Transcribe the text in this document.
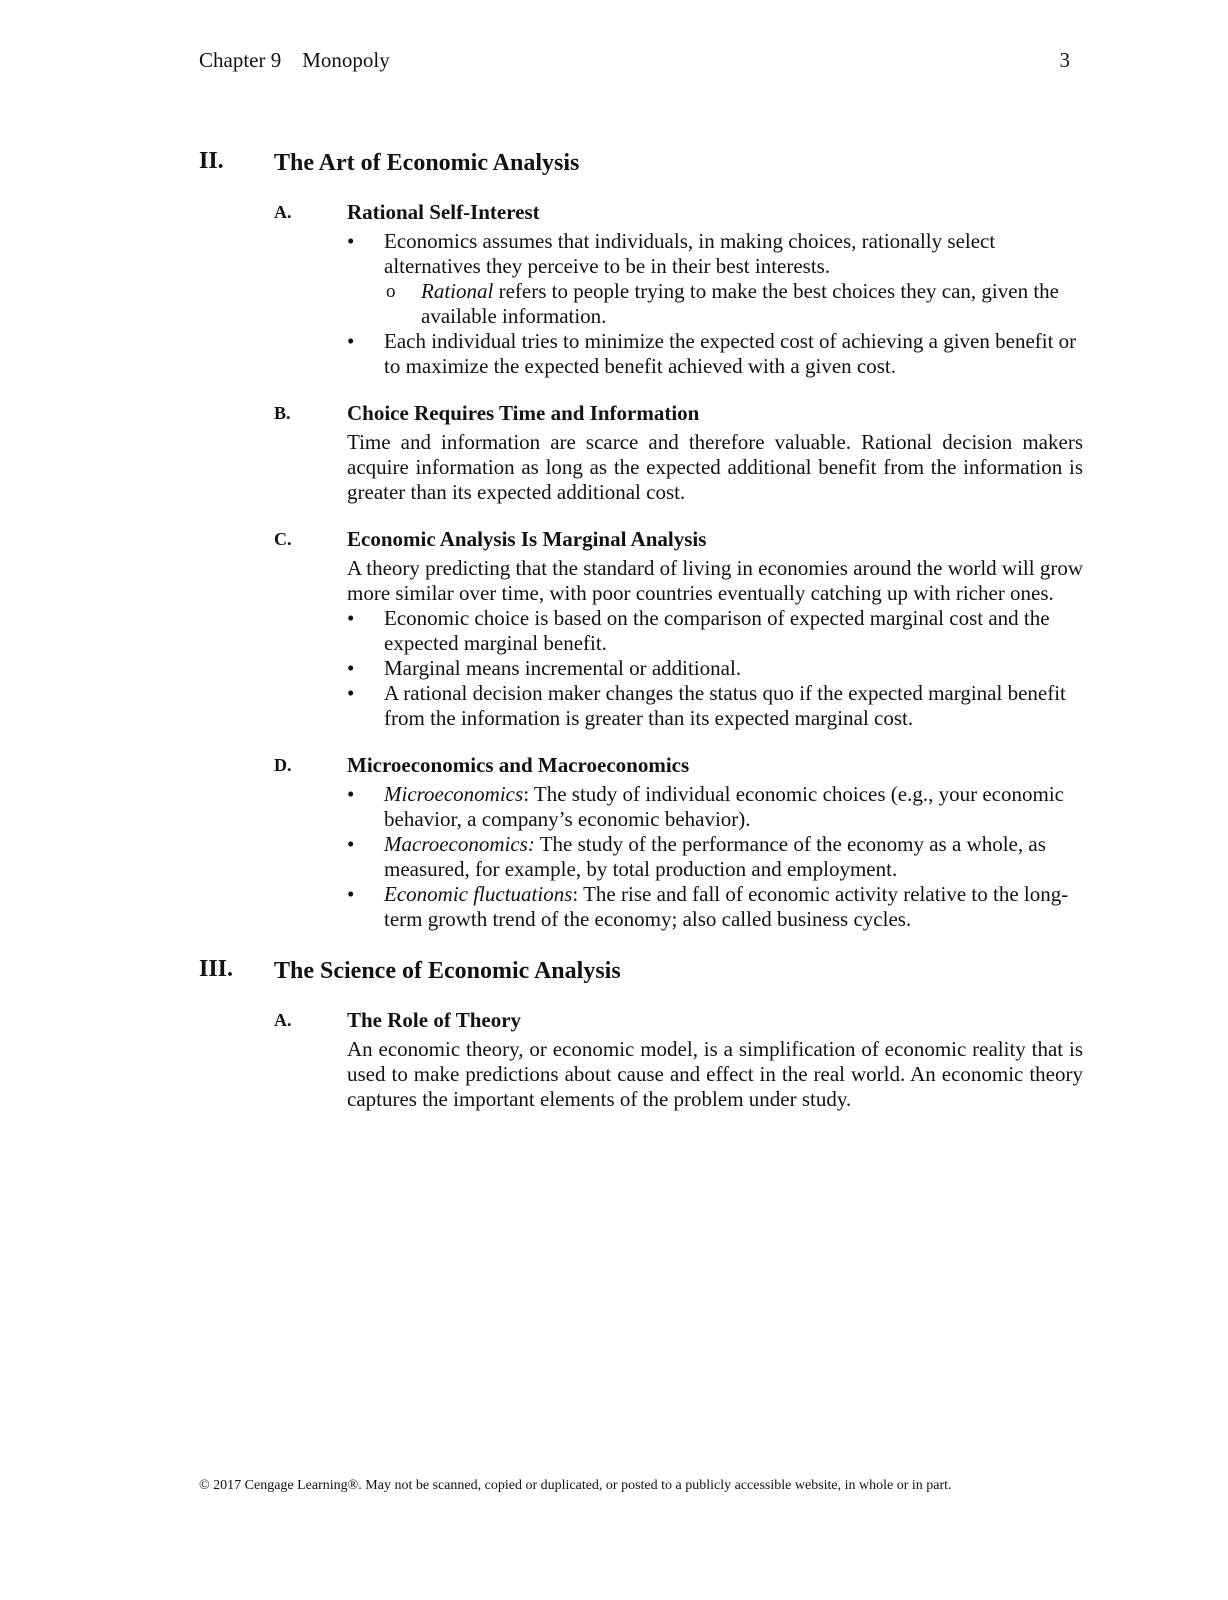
Chapter 9 Monopoly	3
II. The Art of Economic Analysis
A.	Rational Self-Interest
• Economics assumes that individuals, in making choices, rationally select alternatives they perceive to be in their best interests.
o Rational refers to people trying to make the best choices they can, given the available information.
• Each individual tries to minimize the expected cost of achieving a given benefit or to maximize the expected benefit achieved with a given cost.
B.	Choice Requires Time and Information
Time and information are scarce and therefore valuable. Rational decision makers acquire information as long as the expected additional benefit from the information is greater than its expected additional cost.
C.	Economic Analysis Is Marginal Analysis
A theory predicting that the standard of living in economies around the world will grow more similar over time, with poor countries eventually catching up with richer ones.
• Economic choice is based on the comparison of expected marginal cost and the expected marginal benefit.
• Marginal means incremental or additional.
• A rational decision maker changes the status quo if the expected marginal benefit from the information is greater than its expected marginal cost.
D.	Microeconomics and Macroeconomics
• Microeconomics: The study of individual economic choices (e.g., your economic behavior, a company’s economic behavior).
• Macroeconomics: The study of the performance of the economy as a whole, as measured, for example, by total production and employment.
• Economic fluctuations: The rise and fall of economic activity relative to the long-term growth trend of the economy; also called business cycles.
III. The Science of Economic Analysis
A.	The Role of Theory
An economic theory, or economic model, is a simplification of economic reality that is used to make predictions about cause and effect in the real world. An economic theory captures the important elements of the problem under study.
© 2017 Cengage Learning®. May not be scanned, copied or duplicated, or posted to a publicly accessible website, in whole or in part.
